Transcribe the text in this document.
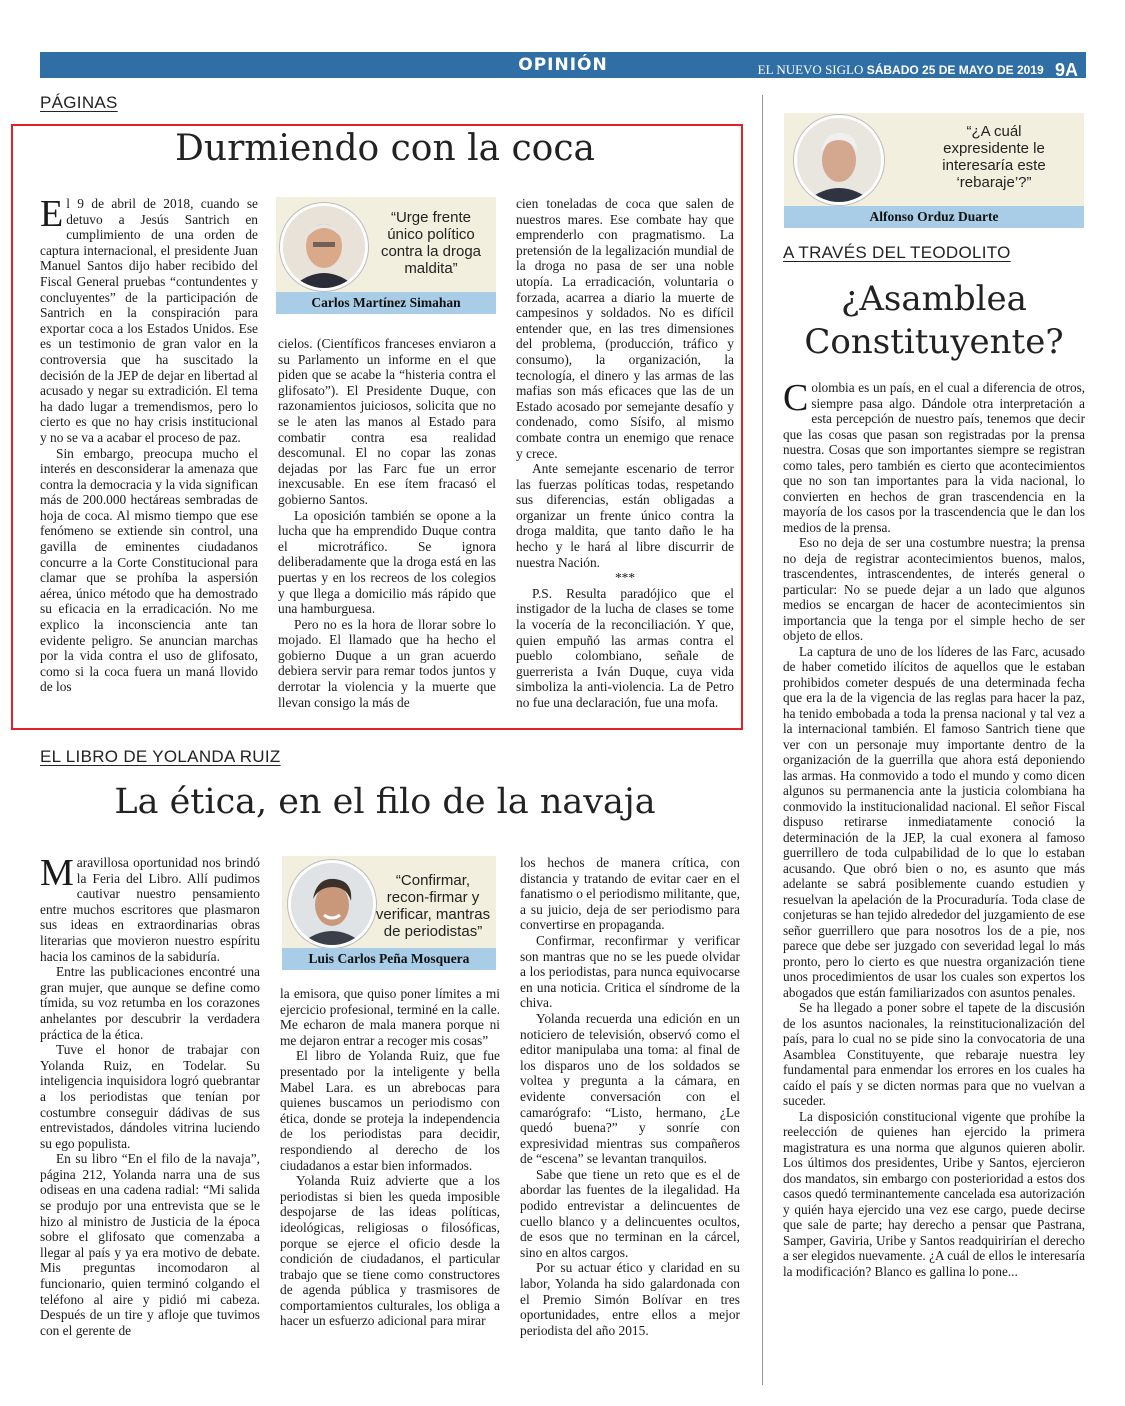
OPINIÓN	EL NUEVO SIGLO SÁBADO 25 DE MAYO DE 2019 9A
PÁGINAS
Durmiendo con la coca

El 9 de abril de 2018, cuando se detuvo a Jesús Santrich en cumplimiento de una orden de captura internacional, el presidente Juan Manuel Santos dijo haber recibido del Fiscal General pruebas “contundentes y concluyentes” de la participación de Santrich en la conspiración para exportar coca a los Estados Unidos. Ese es un testimonio de gran valor en la controversia que ha suscitado la decisión de la JEP de dejar en libertad al acusado y negar su extradición. El tema ha dado lugar a tremendismos, pero lo cierto es que no hay crisis institucional y no se va a acabar el proceso de paz.

Sin embargo, preocupa mucho el interés en desconsiderar la amenaza que contra la democracia y la vida significan más de 200.000 hectáreas sembradas de hoja de coca. Al mismo tiempo que ese fenómeno se extiende sin control, una gavilla de eminentes ciudadanos concurre a la Corte Constitucional para clamar que se prohíba la aspersión aérea, único método que ha demostrado su eficacia en la erradicación. No me explico la inconsciencia ante tan evidente peligro. Se anuncian marchas por la vida contra el uso de glifosato, como si la coca fuera un maná llovido de los

“Urge frente único político contra la droga maldita”
Carlos Martínez Simahan

cielos. (Científicos franceses enviaron a su Parlamento un informe en el que piden que se acabe la “histeria contra el glifosato”). El Presidente Duque, con razonamientos juiciosos, solicita que no se le aten las manos al Estado para combatir contra esa realidad descomunal. El no copar las zonas dejadas por las Farc fue un error inexcusable. En ese ítem fracasó el gobierno Santos.

La oposición también se opone a la lucha que ha emprendido Duque contra el microtráfico. Se ignora deliberadamente que la droga está en las puertas y en los recreos de los colegios y que llega a domicilio más rápido que una hamburguesa.

Pero no es la hora de llorar sobre lo mojado. El llamado que ha hecho el gobierno Duque a un gran acuerdo debiera servir para remar todos juntos y derrotar la violencia y la muerte que llevan consigo la más de

cien toneladas de coca que salen de nuestros mares. Ese combate hay que emprenderlo con pragmatismo. La pretensión de la legalización mundial de la droga no pasa de ser una noble utopía. La erradicación, voluntaria o forzada, acarrea a diario la muerte de campesinos y soldados. No es difícil entender que, en las tres dimensiones del problema, (producción, tráfico y consumo), la organización, la tecnología, el dinero y las armas de las mafias son más eficaces que las de un Estado acosado por semejante desafío y condenado, como Sísifo, al mismo combate contra un enemigo que renace y crece.

Ante semejante escenario de terror las fuerzas políticas todas, respetando sus diferencias, están obligadas a organizar un frente único contra la droga maldita, que tanto daño le ha hecho y le hará al libre discurrir de nuestra Nación.

***

P.S. Resulta paradójico que el instigador de la lucha de clases se tome la vocería de la reconciliación. Y que, quien empuñó las armas contra el pueblo colombiano, señale de guerrerista a Iván Duque, cuya vida simboliza la anti-violencia. La de Petro no fue una declaración, fue una mofa.

EL LIBRO DE YOLANDA RUIZ
La ética, en el filo de la navaja

Maravillosa oportunidad nos brindó la Feria del Libro. Allí pudimos cautivar nuestro pensamiento entre muchos escritores que plasmaron sus ideas en extraordinarias obras literarias que movieron nuestro espíritu hacia los caminos de la sabiduría.

Entre las publicaciones encontré una gran mujer, que aunque se define como tímida, su voz retumba en los corazones anhelantes por descubrir la verdadera práctica de la ética.

Tuve el honor de trabajar con Yolanda Ruiz, en Todelar. Su inteligencia inquisidora logró quebrantar a los periodistas que tenían por costumbre conseguir dádivas de sus entrevistados, dándoles vitrina luciendo su ego populista.

En su libro “En el filo de la navaja”, página 212, Yolanda narra una de sus odiseas en una cadena radial: “Mi salida se produjo por una entrevista que se le hizo al ministro de Justicia de la época sobre el glifosato que comenzaba a llegar al país y ya era motivo de debate. Mis preguntas incomodaron al funcionario, quien terminó colgando el teléfono al aire y pidió mi cabeza. Después de un tire y afloje que tuvimos con el gerente de

“Confirmar, recon-firmar y verificar, mantras de periodistas”
Luis Carlos Peña Mosquera

la emisora, que quiso poner límites a mi ejercicio profesional, terminé en la calle. Me echaron de mala manera porque ni me dejaron entrar a recoger mis cosas”

El libro de Yolanda Ruiz, que fue presentado por la inteligente y bella Mabel Lara. es un abrebocas para quienes buscamos un periodismo con ética, donde se proteja la independencia de los periodistas para decidir, respondiendo al derecho de los ciudadanos a estar bien informados.

Yolanda Ruiz advierte que a los periodistas si bien les queda imposible despojarse de las ideas políticas, ideológicas, religiosas o filosóficas, porque se ejerce el oficio desde la condición de ciudadanos, el particular trabajo que se tiene como constructores de agenda pública y trasmisores de comportamientos culturales, los obliga a hacer un esfuerzo adicional para mirar

los hechos de manera crítica, con distancia y tratando de evitar caer en el fanatismo o el periodismo militante, que, a su juicio, deja de ser periodismo para convertirse en propaganda.

Confirmar, reconfirmar y verificar son mantras que no se les puede olvidar a los periodistas, para nunca equivocarse en una noticia. Critica el síndrome de la chiva.

Yolanda recuerda una edición en un noticiero de televisión, observó como el editor manipulaba una toma: al final de los disparos uno de los soldados se voltea y pregunta a la cámara, en evidente conversación con el camarógrafo: “Listo, hermano, ¿Le quedó buena?” y sonríe con expresividad mientras sus compañeros de “escena” se levantan tranquilos.

Sabe que tiene un reto que es el de abordar las fuentes de la ilegalidad. Ha podido entrevistar a delincuentes de cuello blanco y a delincuentes ocultos, de esos que no terminan en la cárcel, sino en altos cargos.

Por su actuar ético y claridad en su labor, Yolanda ha sido galardonada con el Premio Simón Bolívar en tres oportunidades, entre ellos a mejor periodista del año 2015.

“¿A cuál expresidente le interesaría este ‘rebaraje’?”
Alfonso Orduz Duarte
A TRAVÉS DEL TEODOLITO
¿Asamblea Constituyente?

Colombia es un país, en el cual a diferencia de otros, siempre pasa algo. Dándole otra interpretación a esta percepción de nuestro país, tenemos que decir que las cosas que pasan son registradas por la prensa nuestra. Cosas que son importantes siempre se registran como tales, pero también es cierto que acontecimientos que no son tan importantes para la vida nacional, lo convierten en hechos de gran trascendencia en la mayoría de los casos por la trascendencia que le dan los medios de la prensa.

Eso no deja de ser una costumbre nuestra; la prensa no deja de registrar acontecimientos buenos, malos, trascendentes, intrascendentes, de interés general o particular: No se puede dejar a un lado que algunos medios se encargan de hacer de acontecimientos sin importancia que la tenga por el simple hecho de ser objeto de ellos.

La captura de uno de los líderes de las Farc, acusado de haber cometido ilícitos de aquellos que le estaban prohibidos cometer después de una determinada fecha que era la de la vigencia de las reglas para hacer la paz, ha tenido embobada a toda la prensa nacional y tal vez a la internacional también. El famoso Santrich tiene que ver con un personaje muy importante dentro de la organización de la guerrilla que ahora está deponiendo las armas. Ha conmovido a todo el mundo y como dicen algunos su permanencia ante la justicia colombiana ha conmovido la institucionalidad nacional. El señor Fiscal dispuso retirarse inmediatamente conoció la determinación de la JEP, la cual exonera al famoso guerrillero de toda culpabilidad de lo que lo estaban acusando. Que obró bien o no, es asunto que más adelante se sabrá posiblemente cuando estudien y resuelvan la apelación de la Procuraduría. Toda clase de conjeturas se han tejido alrededor del juzgamiento de ese señor guerrillero que para nosotros los de a pie, nos parece que debe ser juzgado con severidad legal lo más pronto, pero lo cierto es que nuestra organización tiene unos procedimientos de usar los cuales son expertos los abogados que están familiarizados con asuntos penales.

Se ha llegado a poner sobre el tapete de la discusión de los asuntos nacionales, la reinstitucionalización del país, para lo cual no se pide sino la convocatoria de una Asamblea Constituyente, que rebaraje nuestra ley fundamental para enmendar los errores en los cuales ha caído el país y se dicten normas para que no vuelvan a suceder.

La disposición constitucional vigente que prohíbe la reelección de quienes han ejercido la primera magistratura es una norma que algunos quieren abolir. Los últimos dos presidentes, Uribe y Santos, ejercieron dos mandatos, sin embargo con posterioridad a estos dos casos quedó terminantemente cancelada esa autorización y quién haya ejercido una vez ese cargo, puede decirse que sale de parte; hay derecho a pensar que Pastrana, Samper, Gaviria, Uribe y Santos readquirirían el derecho a ser elegidos nuevamente. ¿A cuál de ellos le interesaría la modificación? Blanco es gallina lo pone...
